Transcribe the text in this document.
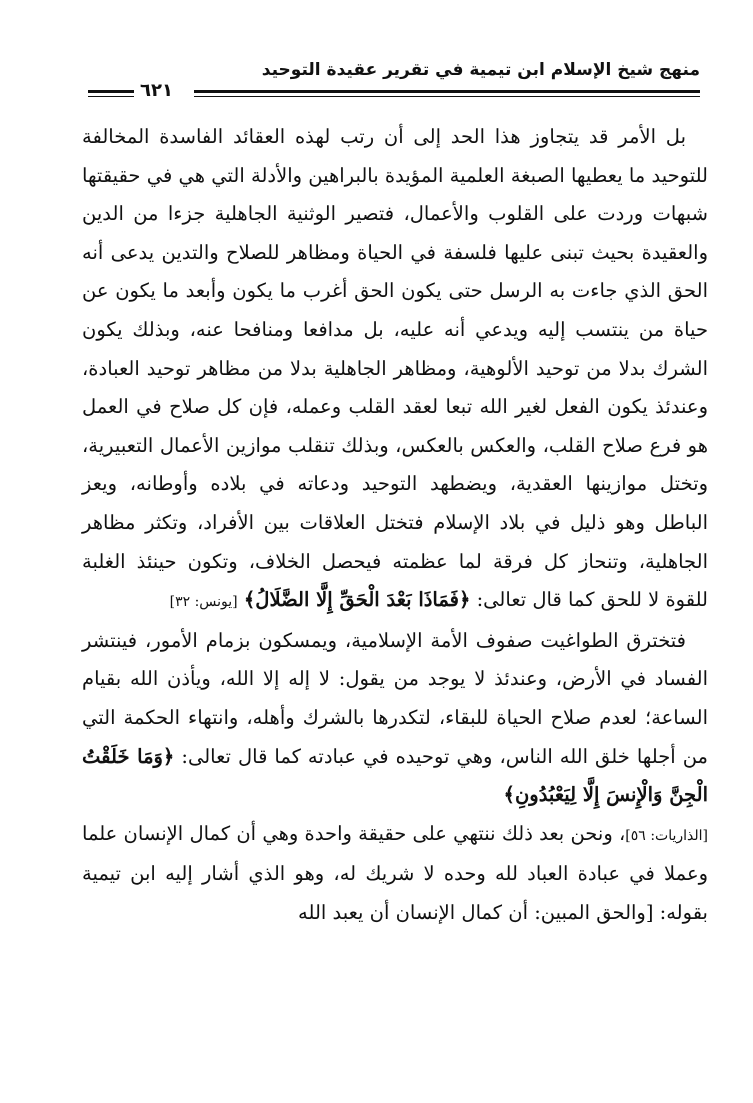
منهج شيخ الإسلام ابن تيمية في تقرير عقيدة التوحيد
٦٢١

بل الأمر قد يتجاوز هذا الحد إلى أن رتب لهذه العقائد الفاسدة المخالفة للتوحيد ما يعطيها الصبغة العلمية المؤيدة بالبراهين والأدلة التي هي في حقيقتها شبهات وردت على القلوب والأعمال، فتصير الوثنية الجاهلية جزءا من الدين والعقيدة بحيث تبنى عليها فلسفة في الحياة ومظاهر للصلاح والتدين يدعى أنه الحق الذي جاءت به الرسل حتى يكون الحق أغرب ما يكون وأبعد ما يكون عن حياة من ينتسب إليه ويدعي أنه عليه، بل مدافعا ومنافحا عنه، وبذلك يكون الشرك بدلا من توحيد الألوهية، ومظاهر الجاهلية بدلا من مظاهر توحيد العبادة، وعندئذ يكون الفعل لغير الله تبعا لعقد القلب وعمله، فإن كل صلاح في العمل هو فرع صلاح القلب، والعكس بالعكس، وبذلك تنقلب موازين الأعمال التعبيرية، وتختل موازينها العقدية، ويضطهد التوحيد ودعاته في بلاده وأوطانه، ويعز الباطل وهو ذليل في بلاد الإسلام فتختل العلاقات بين الأفراد، وتكثر مظاهر الجاهلية، وتنحاز كل فرقة لما عظمته فيحصل الخلاف، وتكون حينئذ الغلبة للقوة لا للحق كما قال تعالى: ﴿فَمَاذَا بَعْدَ الْحَقِّ إِلَّا الضَّلَالُ﴾ [يونس: ٣٢]

فتخترق الطواغيت صفوف الأمة الإسلامية، ويمسكون بزمام الأمور، فينتشر الفساد في الأرض، وعندئذ لا يوجد من يقول: لا إله إلا الله، ويأذن الله بقيام الساعة؛ لعدم صلاح الحياة للبقاء، لتكدرها بالشرك وأهله، وانتهاء الحكمة التي من أجلها خلق الله الناس، وهي توحيده في عبادته كما قال تعالى: ﴿وَمَا خَلَقْتُ الْجِنَّ وَالْإِنسَ إِلَّا لِيَعْبُدُونِ﴾
[الذاريات: ٥٦]، ونحن بعد ذلك ننتهي على حقيقة واحدة وهي أن كمال الإنسان علما وعملا في عبادة العباد لله وحده لا شريك له، وهو الذي أشار إليه ابن تيمية بقوله: [والحق المبين: أن كمال الإنسان أن يعبد الله
